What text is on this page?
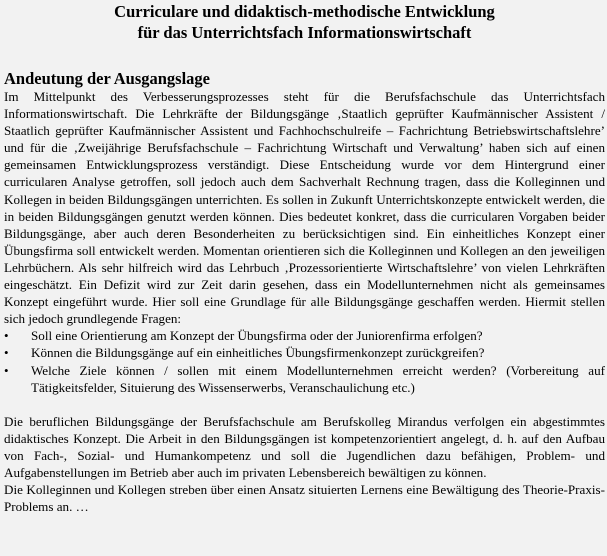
Curriculare und didaktisch-methodische Entwicklung
für das Unterrichtsfach Informationswirtschaft

Andeutung der Ausgangslage

Im Mittelpunkt des Verbesserungsprozesses steht für die Berufsfachschule das Unterrichtsfach Informationswirtschaft. Die Lehrkräfte der Bildungsgänge ‚Staatlich geprüfter Kaufmännischer Assistent / Staatlich geprüfter Kaufmännischer Assistent und Fachhochschulreife – Fachrichtung Betriebswirtschaftslehre’ und für die ‚Zweijährige Berufsfachschule – Fachrichtung Wirtschaft und Verwaltung’ haben sich auf einen gemeinsamen Entwicklungsprozess verständigt. Diese Entscheidung wurde vor dem Hintergrund einer curricularen Analyse getroffen, soll jedoch auch dem Sachverhalt Rechnung tragen, dass die Kolleginnen und Kollegen in beiden Bildungsgängen unterrichten. Es sollen in Zukunft Unterrichtskonzepte entwickelt werden, die in beiden Bildungsgängen genutzt werden können. Dies bedeutet konkret, dass die curricularen Vorgaben beider Bildungsgänge, aber auch deren Besonderheiten zu berücksichtigen sind. Ein einheitliches Konzept einer Übungsfirma soll entwickelt werden. Momentan orientieren sich die Kolleginnen und Kollegen an den jeweiligen Lehrbüchern. Als sehr hilfreich wird das Lehrbuch ‚Prozessorientierte Wirtschaftslehre’ von vielen Lehrkräften eingeschätzt. Ein Defizit wird zur Zeit darin gesehen, dass ein Modellunternehmen nicht als gemeinsames Konzept eingeführt wurde. Hier soll eine Grundlage für alle Bildungsgänge geschaffen werden. Hiermit stellen sich jedoch grundlegende Fragen:

•	Soll eine Orientierung am Konzept der Übungsfirma oder der Juniorenfirma erfolgen?
•	Können die Bildungsgänge auf ein einheitliches Übungsfirmenkonzept zurückgreifen?
•	Welche Ziele können / sollen mit einem Modellunternehmen erreicht werden? (Vorbereitung auf Tätigkeitsfelder, Situierung des Wissenserwerbs, Veranschaulichung etc.)

Die beruflichen Bildungsgänge der Berufsfachschule am Berufskolleg Mirandus verfolgen ein abgestimmtes didaktisches Konzept. Die Arbeit in den Bildungsgängen ist kompetenzorientiert angelegt, d. h. auf den Aufbau von Fach-, Sozial- und Humankompetenz und soll die Jugendlichen dazu befähigen, Problem- und Aufgabenstellungen im Betrieb aber auch im privaten Lebensbereich bewältigen zu können.

Die Kolleginnen und Kollegen streben über einen Ansatz situierten Lernens eine Bewältigung des Theorie-Praxis-Problems an. …
